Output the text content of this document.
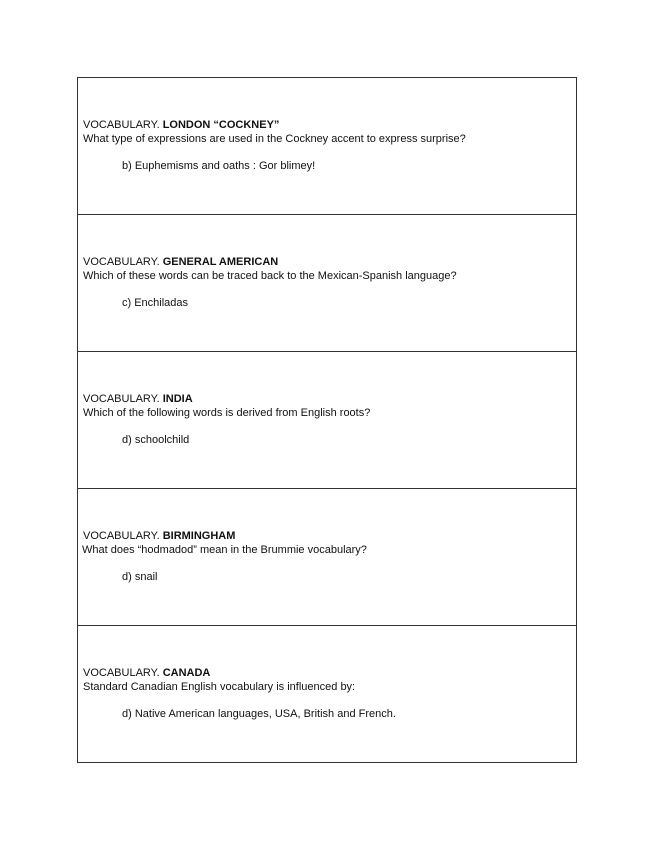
VOCABULARY. LONDON “COCKNEY”
What type of expressions are used in the Cockney accent to express surprise?
b) Euphemisms and oaths : Gor blimey!
VOCABULARY. GENERAL AMERICAN
Which of these words can be traced back to the Mexican-Spanish language?
c) Enchiladas
VOCABULARY. INDIA
Which of the following words is derived from English roots?
d) schoolchild
VOCABULARY. BIRMINGHAM
What does “hodmadod” mean in the Brummie vocabulary?
d) snail
VOCABULARY. CANADA
Standard Canadian English vocabulary is influenced by:
d) Native American languages, USA, British and French.
